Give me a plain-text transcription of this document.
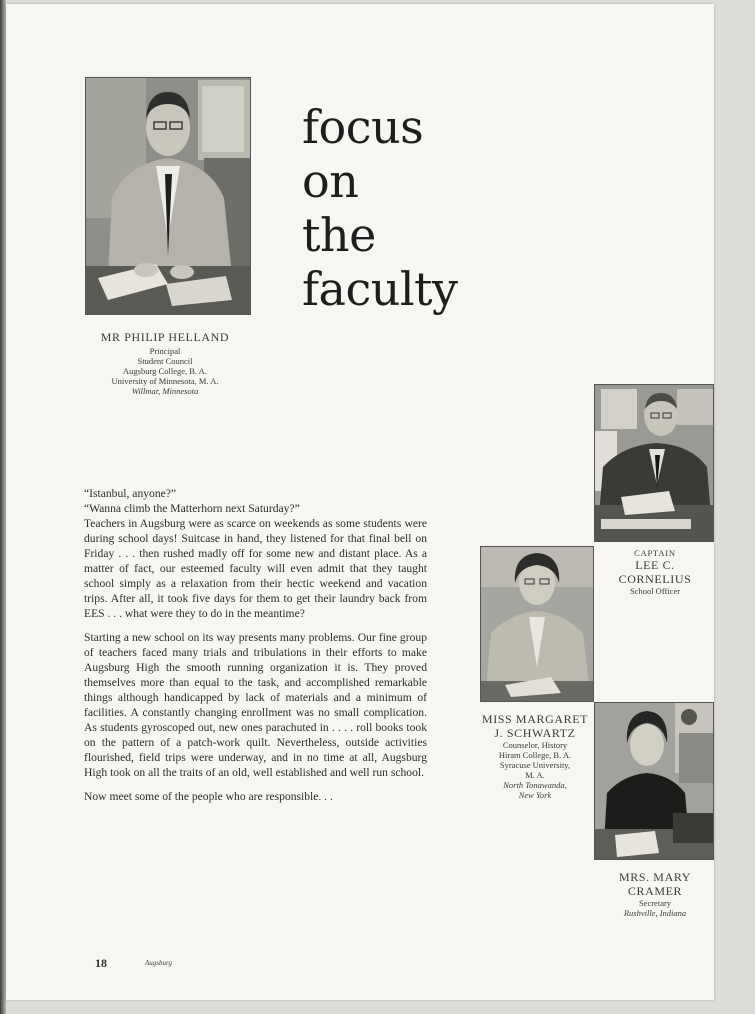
focus
on
the
faculty
MR PHILIP HELLAND
Principal
Student Council
Augsburg College, B. A.
University of Minnesota, M. A.
Willmar, Minnesota
CAPTAIN
LEE C.
CORNELIUS
School Officer
MISS MARGARET
J. SCHWARTZ
Counselor, History
Hiram College, B. A.
Syracuse University,
M. A.
North Tonawanda,
New York
MRS. MARY
CRAMER
Secretary
Rushville, Indiana

“Istanbul, anyone?”
“Wanna climb the Matterhorn next Saturday?”
Teachers in Augsburg were as scarce on weekends as some students were during school days! Suitcase in hand, they listened for that final bell on Friday . . . then rushed madly off for some new and distant place. As a matter of fact, our esteemed faculty will even admit that they taught school simply as a relaxation from their hectic weekend and vacation trips. After all, it took five days for them to get their laundry back from EES . . . what were they to do in the meantime?

Starting a new school on its way presents many problems. Our fine group of teachers faced many trials and tribulations in their efforts to make Augsburg High the smooth running organization it is. They proved themselves more than equal to the task, and accomplished remarkable things although handicapped by lack of materials and a minimum of facilities. A constantly changing enrollment was no small complication. As students gyroscoped out, new ones parachuted in . . . . roll books took on the pattern of a patch-work quilt. Nevertheless, outside activities flourished, field trips were underway, and in no time at all, Augsburg High took on all the traits of an old, well established and well run school.

Now meet some of the people who are responsible. . .

18	Augsburg
